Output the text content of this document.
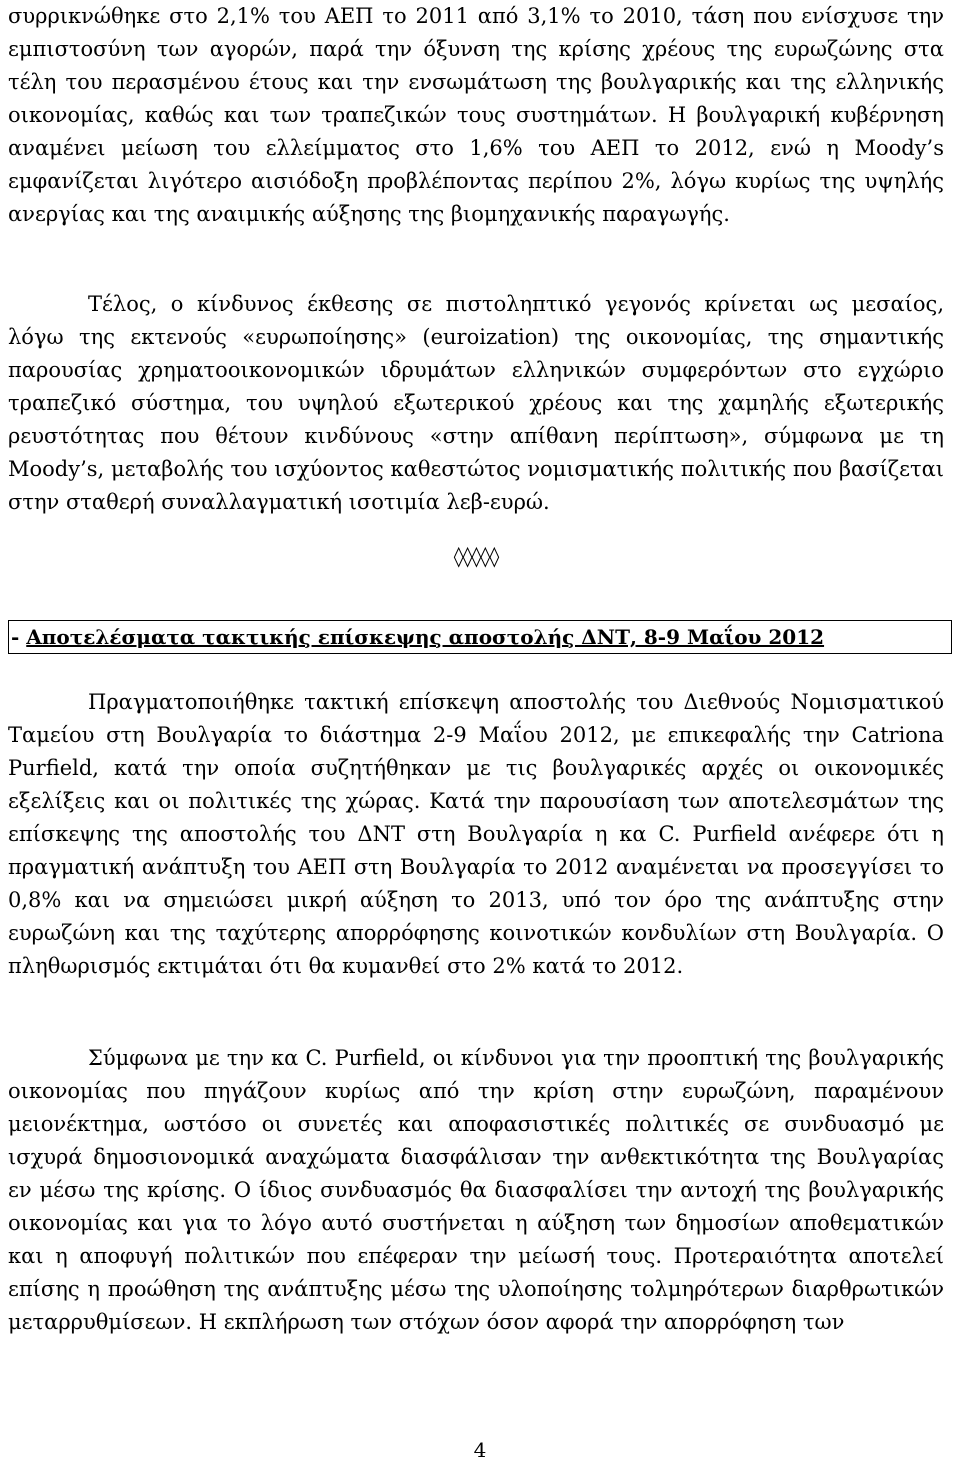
συρρικνώθηκε στο 2,1% του ΑΕΠ το 2011 από 3,1% το 2010, τάση που ενίσχυσε την εμπιστοσύνη των αγορών, παρά την όξυνση της κρίσης χρέους της ευρωζώνης στα τέλη του περασμένου έτους και την ενσωμάτωση της βουλγαρικής και της ελληνικής οικονομίας, καθώς και των τραπεζικών τους συστημάτων. Η βουλγαρική κυβέρνηση αναμένει μείωση του ελλείμματος στο 1,6% του ΑΕΠ το 2012, ενώ η Moody’s εμφανίζεται λιγότερο αισιόδοξη προβλέποντας περίπου 2%, λόγω κυρίως της υψηλής ανεργίας και της αναιμικής αύξησης της βιομηχανικής παραγωγής.

Τέλος, ο κίνδυνος έκθεσης σε πιστοληπτικό γεγονός κρίνεται ως μεσαίος, λόγω της εκτενούς «ευρωποίησης» (euroization) της οικονομίας, της σημαντικής παρουσίας χρηματοοικονομικών ιδρυμάτων ελληνικών συμφερόντων στο εγχώριο τραπεζικό σύστημα, του υψηλού εξωτερικού χρέους και της χαμηλής εξωτερικής ρευστότητας που θέτουν κινδύνους «στην απίθανη περίπτωση», σύμφωνα με τη Moody’s, μεταβολής του ισχύοντος καθεστώτος νομισματικής πολιτικής που βασίζεται στην σταθερή συναλλαγματική ισοτιμία λεβ-ευρώ.

◊◊◊◊◊
- Αποτελέσματα τακτικής επίσκεψης αποστολής ΔΝΤ, 8-9 Μαΐου 2012

Πραγματοποιήθηκε τακτική επίσκεψη αποστολής του Διεθνούς Νομισματικού Ταμείου στη Βουλγαρία το διάστημα 2-9 Μαΐου 2012, με επικεφαλής την Catriona Purfield, κατά την οποία συζητήθηκαν με τις βουλγαρικές αρχές οι οικονομικές εξελίξεις και οι πολιτικές της χώρας. Κατά την παρουσίαση των αποτελεσμάτων της επίσκεψης της αποστολής του ΔΝΤ στη Βουλγαρία η κα C. Purfield ανέφερε ότι η πραγματική ανάπτυξη του ΑΕΠ στη Βουλγαρία το 2012 αναμένεται να προσεγγίσει το 0,8% και να σημειώσει μικρή αύξηση το 2013, υπό τον όρο της ανάπτυξης στην ευρωζώνη και της ταχύτερης απορρόφησης κοινοτικών κονδυλίων στη Βουλγαρία. Ο πληθωρισμός εκτιμάται ότι θα κυμανθεί στο 2% κατά το 2012.

Σύμφωνα με την κα C. Purfield, οι κίνδυνοι για την προοπτική της βουλγαρικής οικονομίας που πηγάζουν κυρίως από την κρίση στην ευρωζώνη, παραμένουν μειονέκτημα, ωστόσο οι συνετές και αποφασιστικές πολιτικές σε συνδυασμό με ισχυρά δημοσιονομικά αναχώματα διασφάλισαν την ανθεκτικότητα της Βουλγαρίας εν μέσω της κρίσης. Ο ίδιος συνδυασμός θα διασφαλίσει την αντοχή της βουλγαρικής οικονομίας και για το λόγο αυτό συστήνεται η αύξηση των δημοσίων αποθεματικών και η αποφυγή πολιτικών που επέφεραν την μείωσή τους. Προτεραιότητα αποτελεί επίσης η προώθηση της ανάπτυξης μέσω της υλοποίησης τολμηρότερων διαρθρωτικών μεταρρυθμίσεων. Η εκπλήρωση των στόχων όσον αφορά την απορρόφηση των

4
